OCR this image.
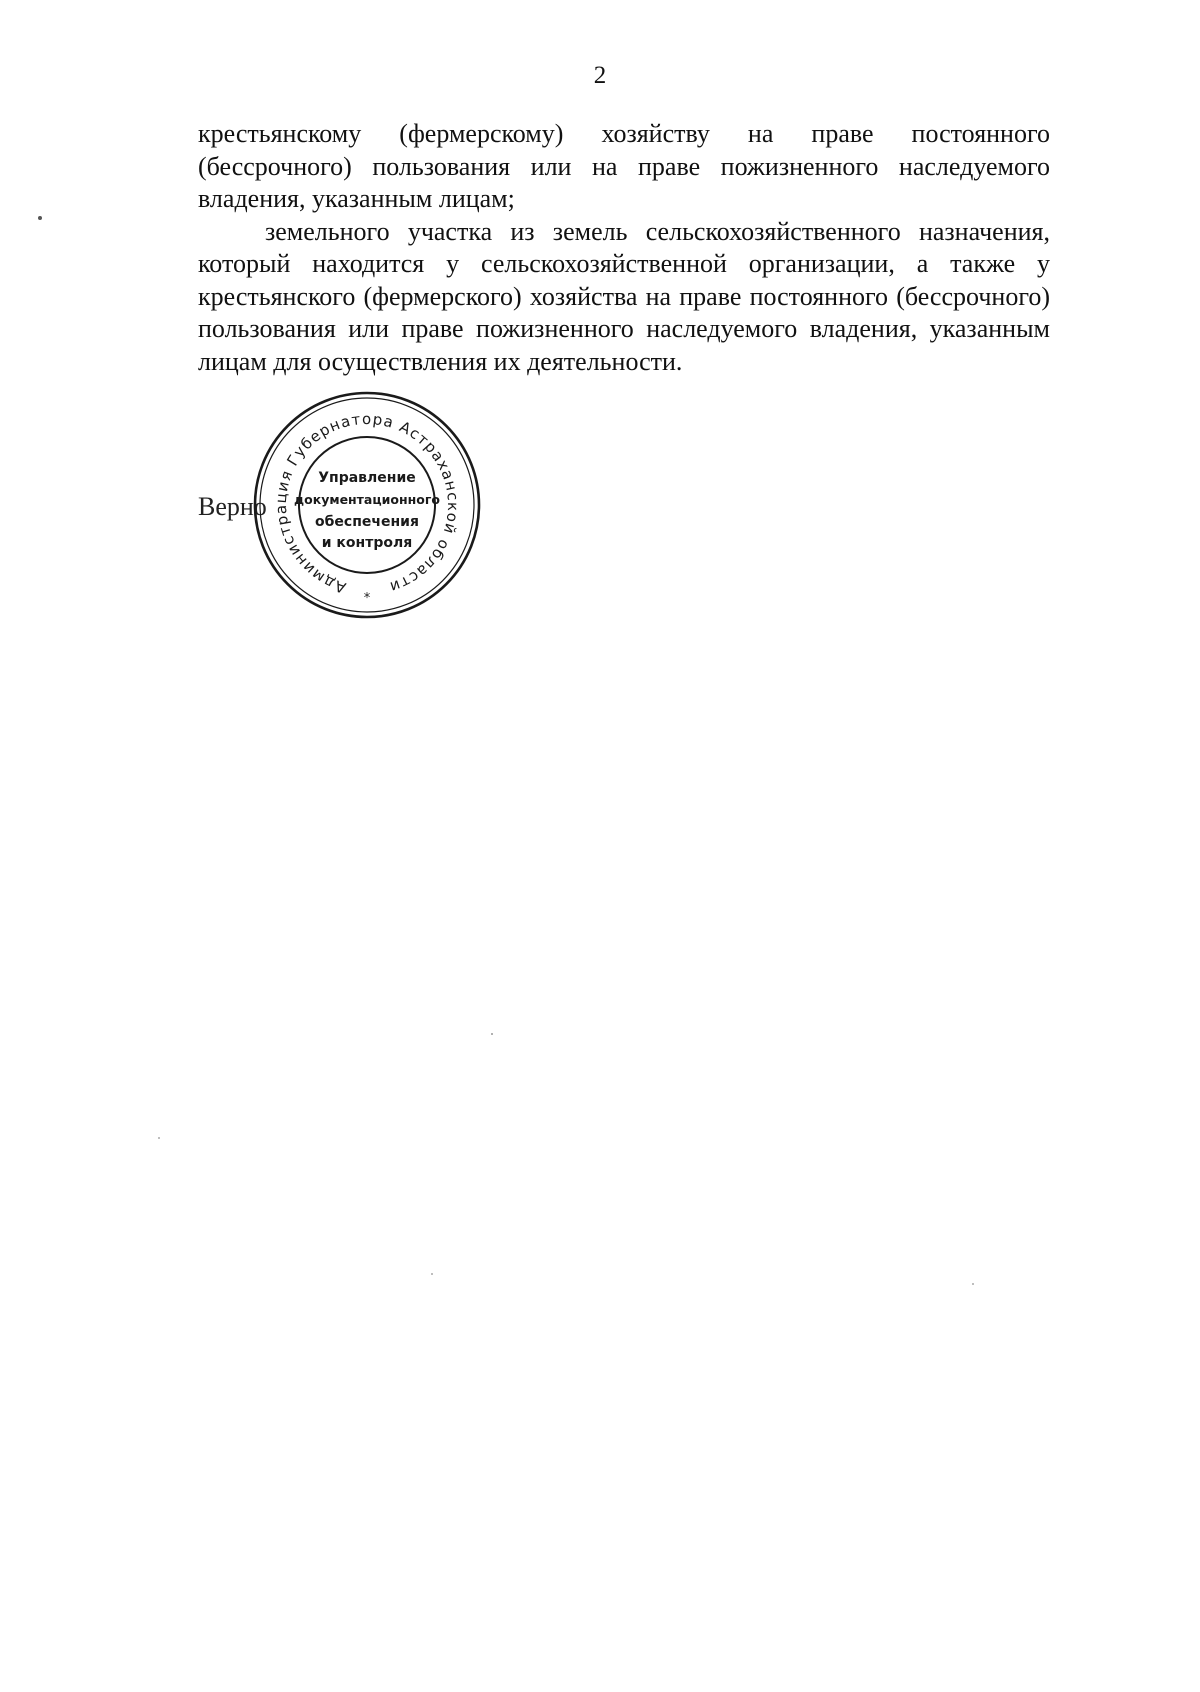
2

крестьянскому (фермерскому) хозяйству на праве постоянного (бессрочного) пользования или на праве пожизненного наследуемого владения, указанным лицам;

земельного участка из земель сельскохозяйственного назначения, который находится у сельскохозяйственной организации, а также у крестьянского (фермерского) хозяйства на праве постоянного (бессрочного) пользования или праве пожизненного наследуемого владения, указанным лицам для осуществления их деятельности.

Верно
Администрация Губернатора Астраханской области
*
Управление
документационного
обеспечения
и контроля
